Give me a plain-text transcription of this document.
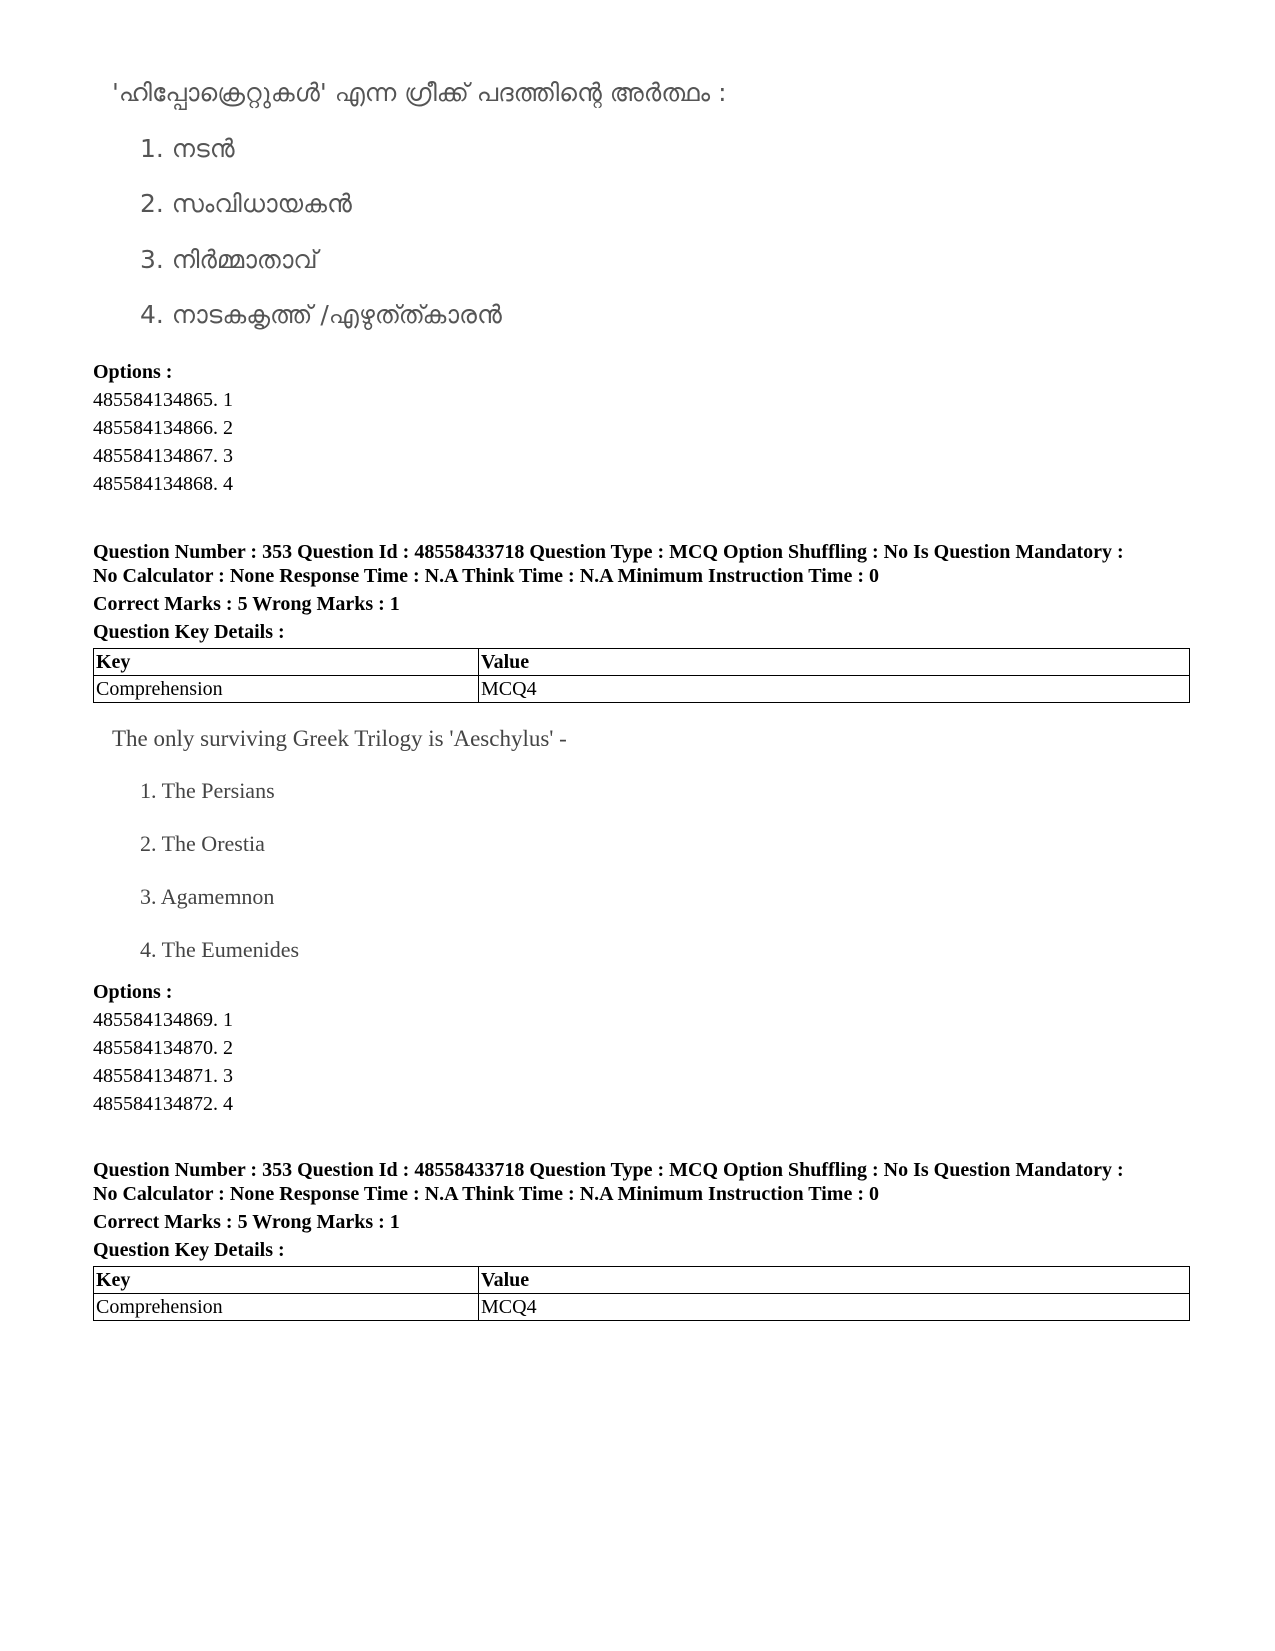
'ഹിപ്പോക്രെറ്റുകൾ' എന്ന ഗ്രീക്ക് പദത്തിന്റെ അർത്ഥം :
1. നടൻ
2. സംവിധായകൻ
3. നിർമ്മാതാവ്
4. നാടകകൃത്ത് /എഴുത്ത്കാരൻ
Options :
485584134865. 1
485584134866. 2
485584134867. 3
485584134868. 4
Question Number : 353 Question Id : 48558433718 Question Type : MCQ Option Shuffling : No Is Question Mandatory :
No Calculator : None Response Time : N.A Think Time : N.A Minimum Instruction Time : 0
Correct Marks : 5 Wrong Marks : 1
Question Key Details :
Key	Value
Comprehension	MCQ4
The only surviving Greek Trilogy is 'Aeschylus' -
1. The Persians
2. The Orestia
3. Agamemnon
4. The Eumenides
Options :
485584134869. 1
485584134870. 2
485584134871. 3
485584134872. 4
Question Number : 353 Question Id : 48558433718 Question Type : MCQ Option Shuffling : No Is Question Mandatory :
No Calculator : None Response Time : N.A Think Time : N.A Minimum Instruction Time : 0
Correct Marks : 5 Wrong Marks : 1
Question Key Details :
Key	Value
Comprehension	MCQ4
